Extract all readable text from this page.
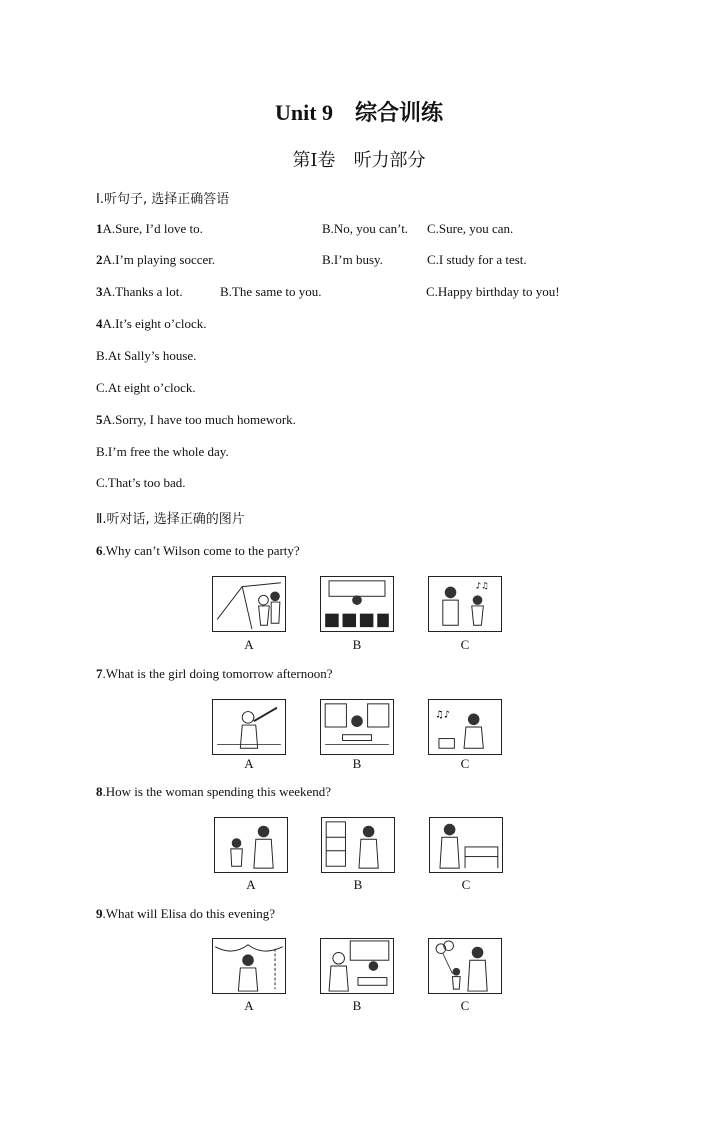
Unit 9 综合训练
第Ⅰ卷 听力部分
Ⅰ.听句子, 选择正确答语
1A.Sure, I’d love to.	B.No, you can’t. C.Sure, you can.
2A.I’m playing soccer.	B.I’m busy.	C.I study for a test.
3A.Thanks a lot.	B.The same to you.	C.Happy birthday to you!
4A.It’s eight o’clock.
B.At Sally’s house.
C.At eight o’clock.
5A.Sorry, I have too much homework.
B.I’m free the whole day.
C.That’s too bad.
Ⅱ.听对话, 选择正确的图片
6.Why can’t Wilson come to the party?
A	B
♪♫
C
7.What is the girl doing tomorrow afternoon?
A	B
♫♪
C
8.How is the woman spending this weekend?
A	B	C
9.What will Elisa do this evening?
A	B	C
